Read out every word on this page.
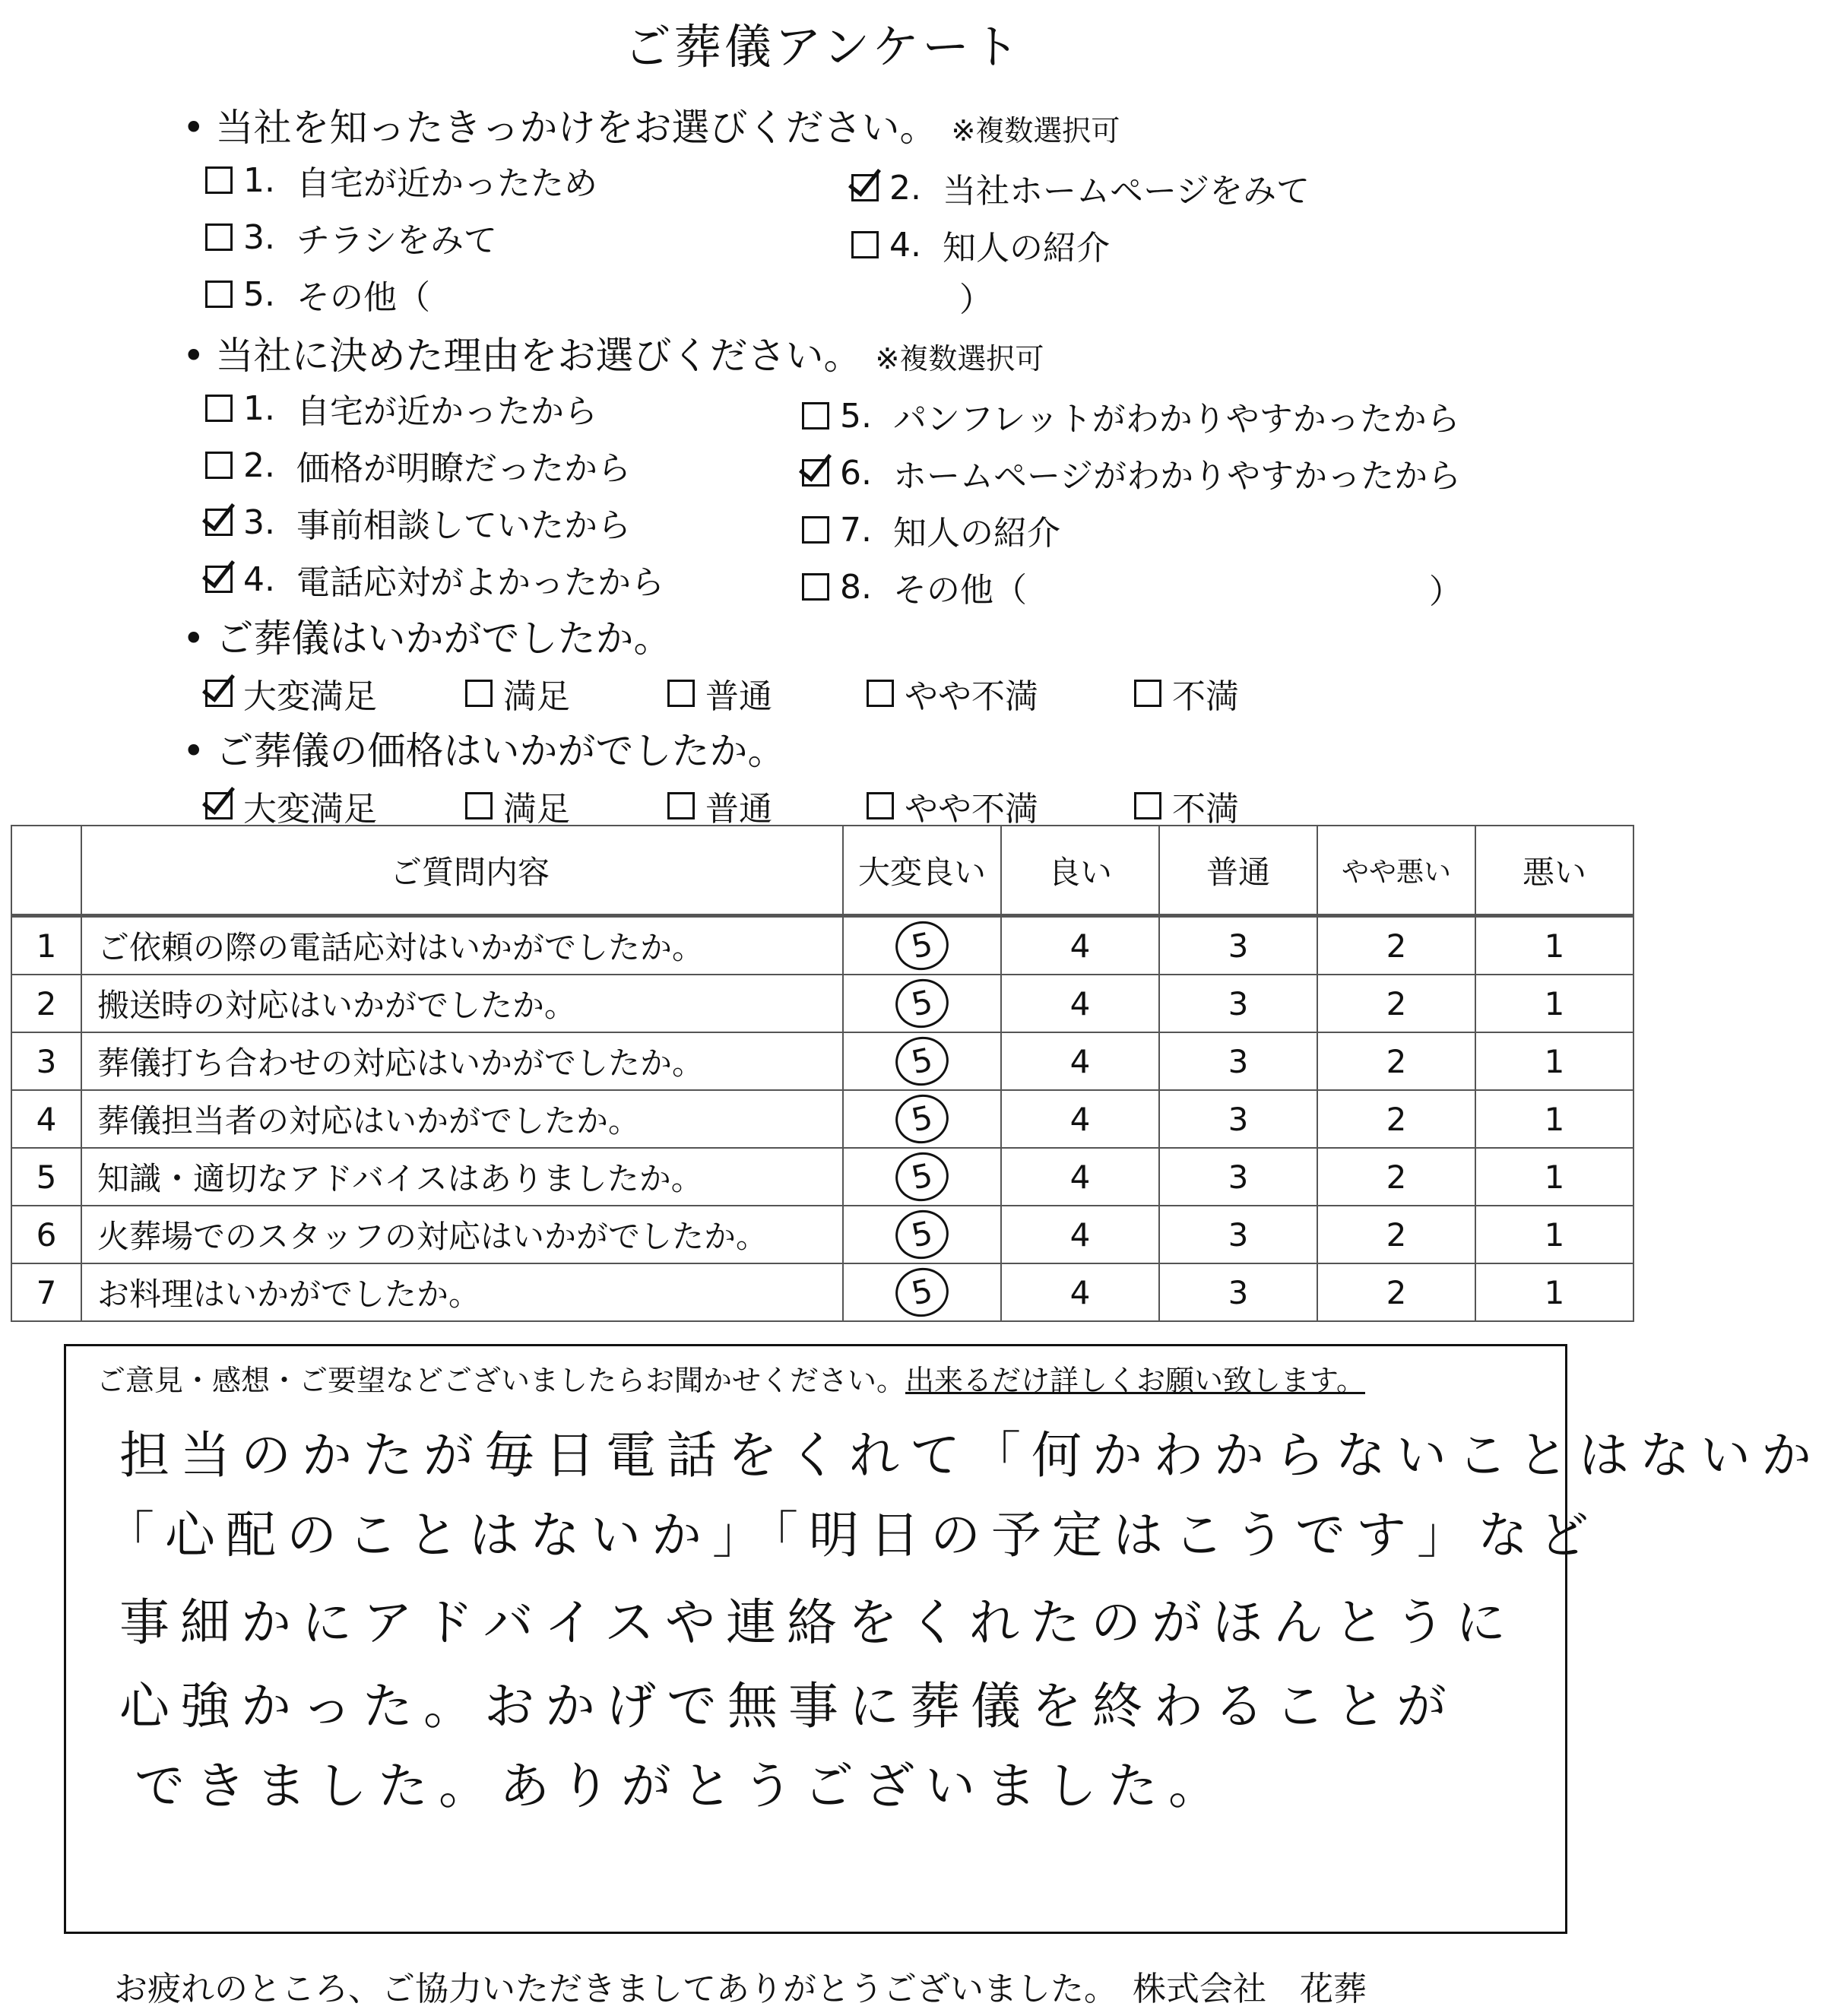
ご葬儀アンケート
• 当社を知ったきっかけをお選びください。 ※複数選択可
1. 自宅が近かったため	2. 当社ホームページをみて
3. チラシをみて	4. 知人の紹介
5. その他（	）
• 当社に決めた理由をお選びください。 ※複数選択可
1. 自宅が近かったから
2. 価格が明瞭だったから
3. 事前相談していたから
4. 電話応対がよかったから
5. パンフレットがわかりやすかったから
6. ホームページがわかりやすかったから
7. 知人の紹介
8. その他（	）
• ご葬儀はいかがでしたか。
大変満足	満足	普通	やや不満	不満
• ご葬儀の価格はいかがでしたか。
大変満足	満足	普通	やや不満	不満
	ご質問内容	大変良い	良い	普通	やや悪い	悪い
1	ご依頼の際の電話応対はいかがでしたか。	5	4	3	2	1
2	搬送時の対応はいかがでしたか。	5	4	3	2	1
3	葬儀打ち合わせの対応はいかがでしたか。	5	4	3	2	1
4	葬儀担当者の対応はいかがでしたか。	5	4	3	2	1
5	知識・適切なアドバイスはありましたか。	5	4	3	2	1
6	火葬場でのスタッフの対応はいかがでしたか。	5	4	3	2	1
7	お料理はいかがでしたか。	5	4	3	2	1
ご意見・感想・ご要望などございましたらお聞かせください。出来るだけ詳しくお願い致します。
担当のかたが毎日電話をくれて「何かわからないことはないか
「心配のことはないか」「明日の予定はこうです」など
事細かにアドバイスや連絡をくれたのがほんとうに
心強かった。おかげで無事に葬儀を終わることが
できました。ありがとうございました。
お疲れのところ、ご協力いただきましてありがとうございました。 株式会社　花葬
